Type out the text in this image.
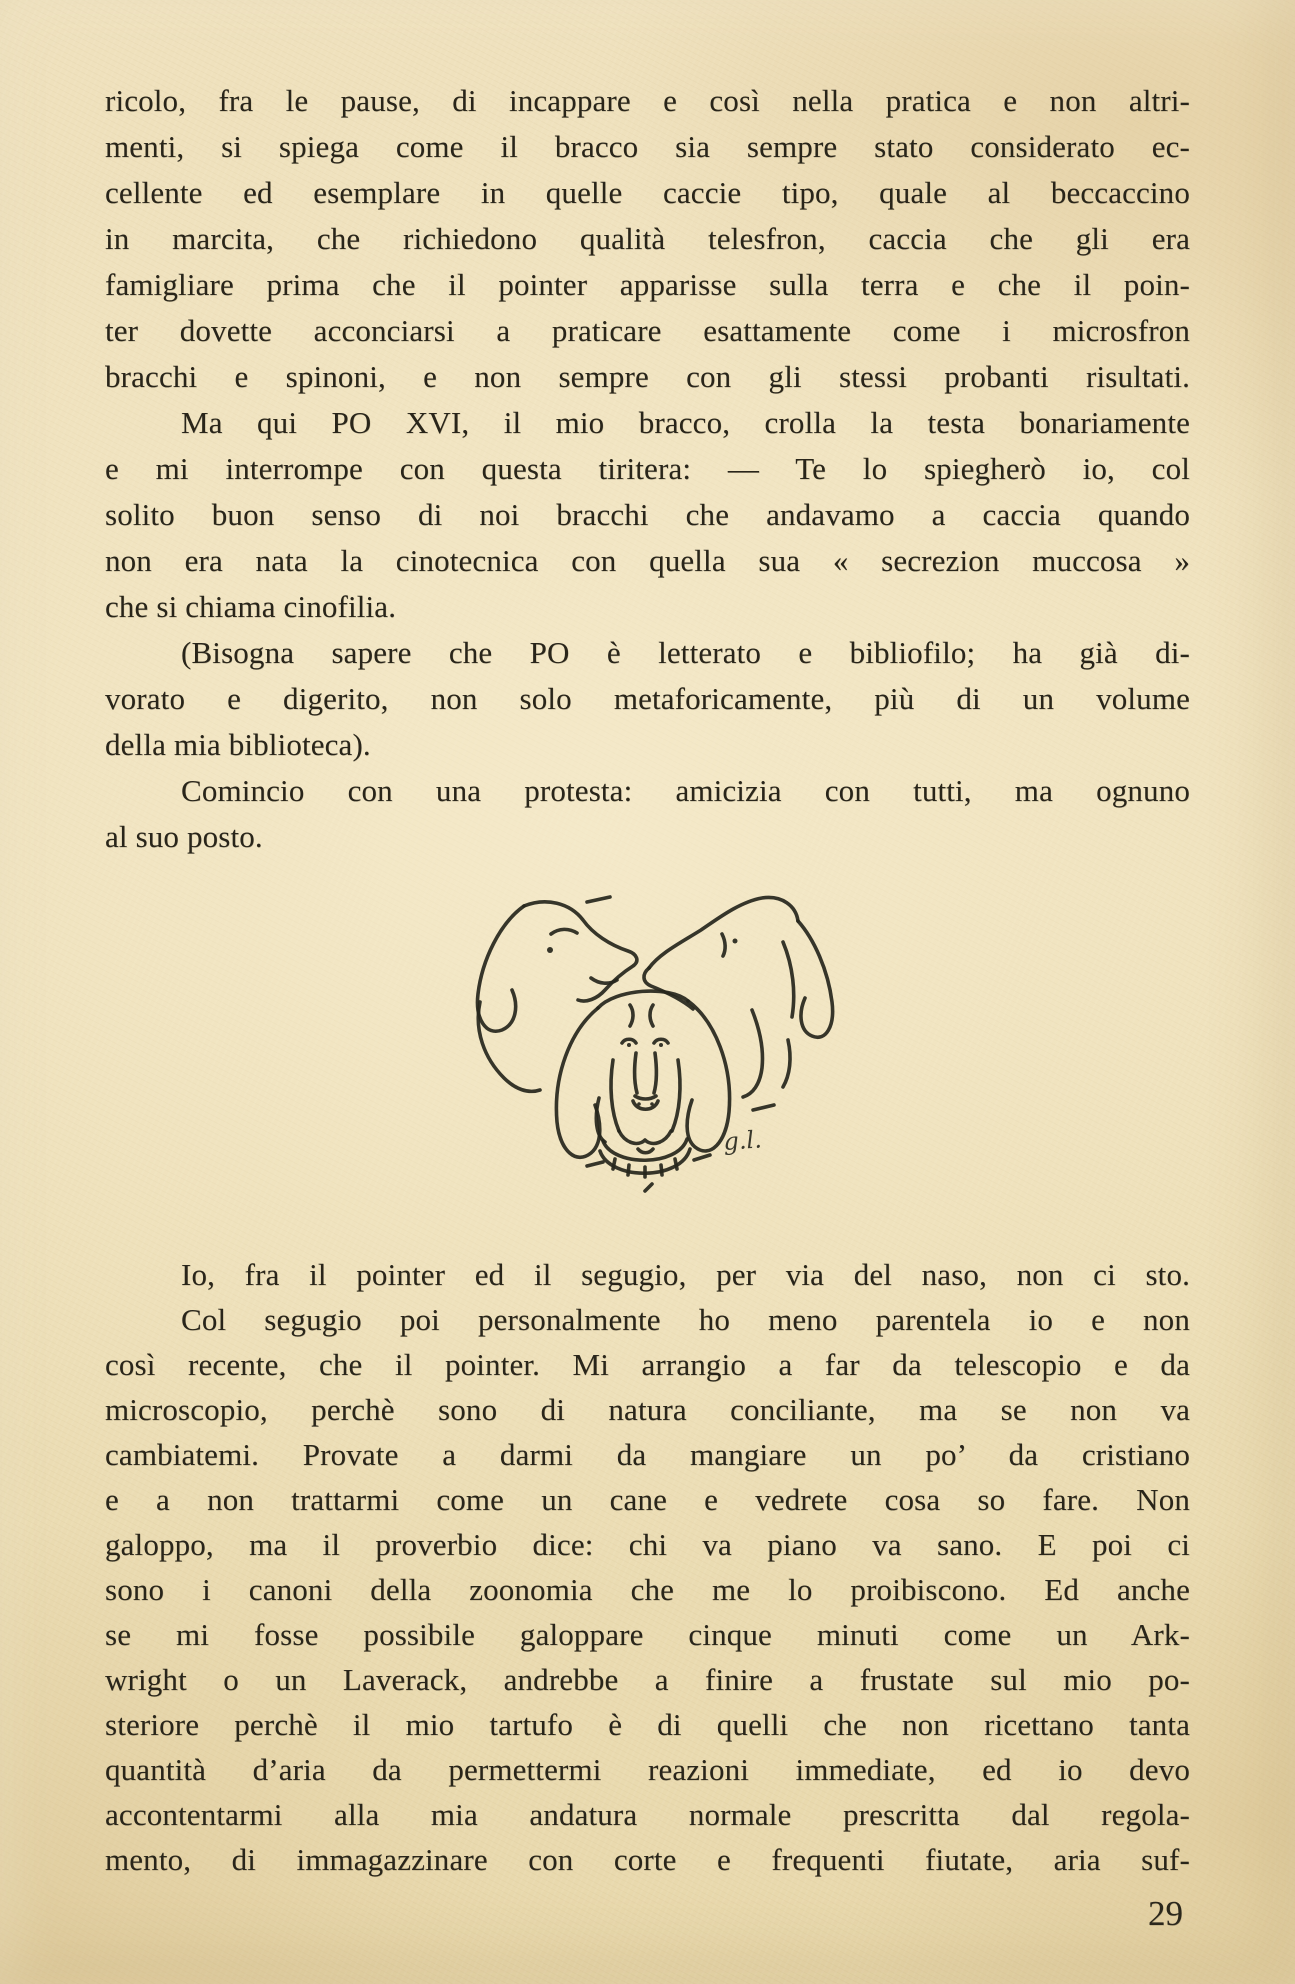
ricolo, fra le pause, di incappare e così nella pratica e non altri-

menti, si spiega come il bracco sia sempre stato considerato ec-

cellente ed esemplare in quelle caccie tipo, quale al beccaccino

in marcita, che richiedono qualità telesfron, caccia che gli era

famigliare prima che il pointer apparisse sulla terra e che il poin-

ter dovette acconciarsi a praticare esattamente come i microsfron

bracchi e spinoni, e non sempre con gli stessi probanti risultati.

Ma qui PO XVI, il mio bracco, crolla la testa bonariamente

e mi interrompe con questa tiritera: — Te lo spiegherò io, col

solito buon senso di noi bracchi che andavamo a caccia quando

non era nata la cinotecnica con quella sua « secrezion muccosa »

che si chiama cinofilia.

(Bisogna sapere che PO è letterato e bibliofilo; ha già di-

vorato e digerito, non solo metaforicamente, più di un volume

della mia biblioteca).

Comincio con una protesta: amicizia con tutti, ma ognuno

al suo posto.

g.l.

Io, fra il pointer ed il segugio, per via del naso, non ci sto.

Col segugio poi personalmente ho meno parentela io e non

così recente, che il pointer. Mi arrangio a far da telescopio e da

microscopio, perchè sono di natura conciliante, ma se non va

cambiatemi. Provate a darmi da mangiare un po’ da cristiano

e a non trattarmi come un cane e vedrete cosa so fare. Non

galoppo, ma il proverbio dice: chi va piano va sano. E poi ci

sono i canoni della zoonomia che me lo proibiscono. Ed anche

se mi fosse possibile galoppare cinque minuti come un Ark-

wright o un Laverack, andrebbe a finire a frustate sul mio po-

steriore perchè il mio tartufo è di quelli che non ricettano tanta

quantità d’aria da permettermi reazioni immediate, ed io devo

accontentarmi alla mia andatura normale prescritta dal regola-

mento, di immagazzinare con corte e frequenti fiutate, aria suf-

29
